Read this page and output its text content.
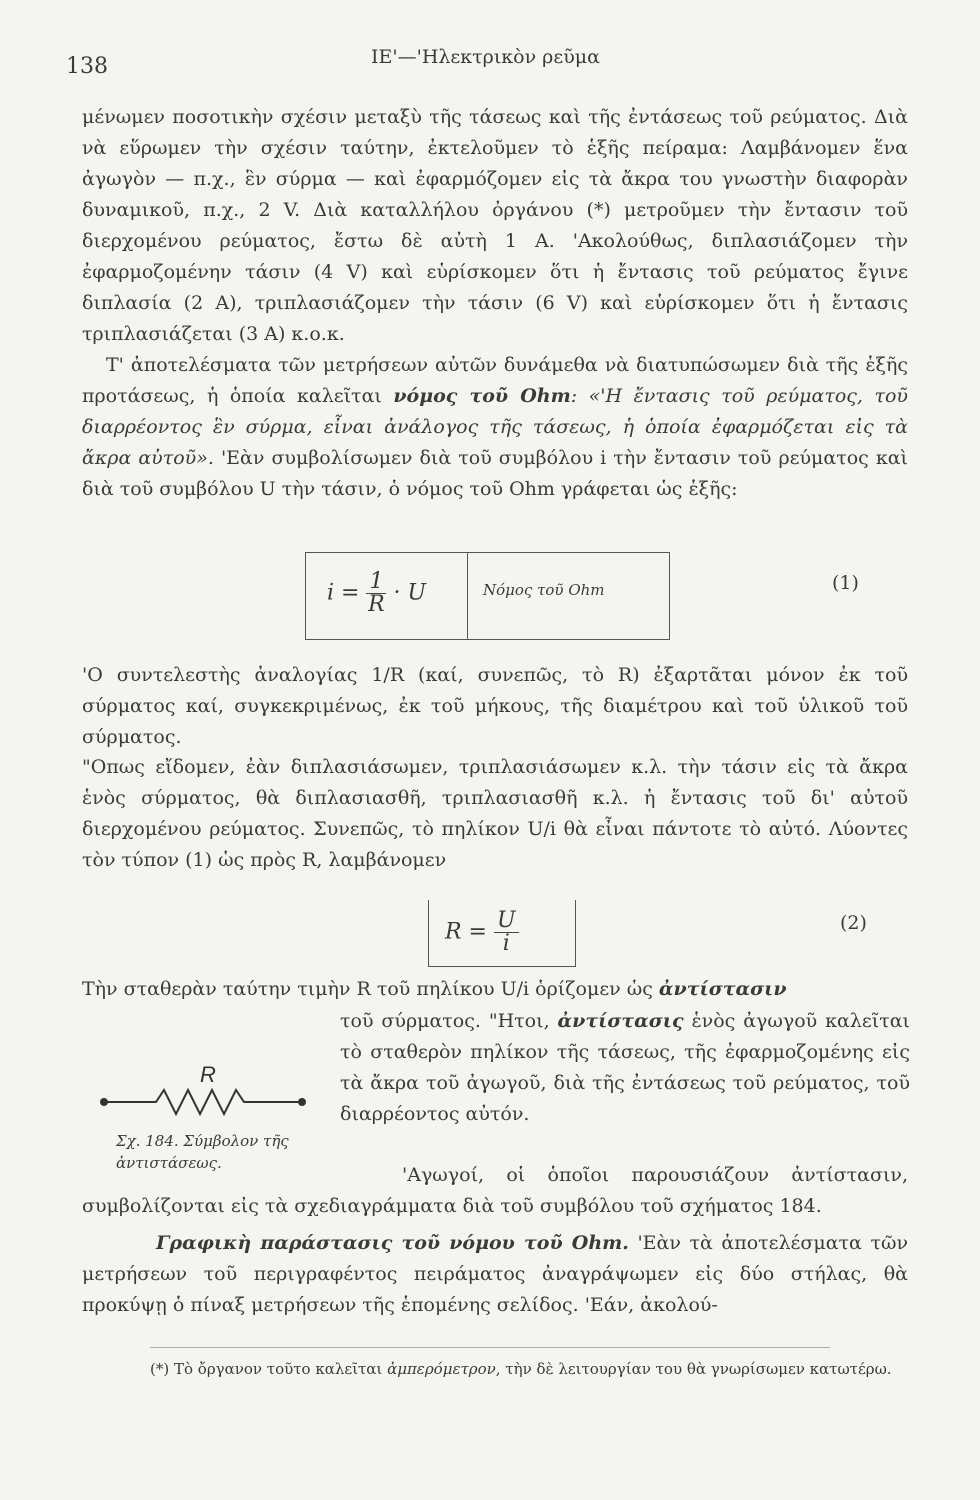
138	ΙΕ'—'Ηλεκτρικὸν ρεῦμα
μένωμεν ποσοτικὴν σχέσιν μεταξὺ τῆς τάσεως καὶ τῆς ἐντάσεως τοῦ ρεύματος. Διὰ νὰ εὕρωμεν τὴν σχέσιν ταύτην, ἐκτελοῦμεν τὸ ἑξῆς πείραμα: Λαμβάνομεν ἕνα ἀγωγὸν — π.χ., ἓν σύρμα — καὶ ἐφαρμόζομεν εἰς τὰ ἄκρα του γνωστὴν διαφορὰν δυναμικοῦ, π.χ., 2 V. Διὰ καταλλήλου ὀργάνου (*) μετροῦμεν τὴν ἔντασιν τοῦ διερχομένου ρεύματος, ἔστω δὲ αὐτὴ 1 A. 'Ακολούθως, διπλασιάζομεν τὴν ἐφαρμοζομένην τάσιν (4 V) καὶ εὑρίσκομεν ὅτι ἡ ἔντασις τοῦ ρεύματος ἔγινε διπλασία (2 A), τριπλασιάζομεν τὴν τάσιν (6 V) καὶ εὑρίσκομεν ὅτι ἡ ἔντασις τριπλασιάζεται (3 A) κ.ο.κ.
Τ' ἀποτελέσματα τῶν μετρήσεων αὐτῶν δυνάμεθα νὰ διατυπώσωμεν διὰ τῆς ἑξῆς προτάσεως, ἡ ὁποία καλεῖται νόμος τοῦ Ohm: «'Η ἔντασις τοῦ ρεύματος, τοῦ διαρρέοντος ἓν σύρμα, εἶναι ἀνάλογος τῆς τάσεως, ἡ ὁποία ἐφαρμόζεται εἰς τὰ ἄκρα αὐτοῦ». 'Εὰν συμβολίσωμεν διὰ τοῦ συμβόλου i τὴν ἔντασιν τοῦ ρεύματος καὶ διὰ τοῦ συμβόλου U τὴν τάσιν, ὁ νόμος τοῦ Ohm γράφεται ὡς ἑξῆς:
$i = \frac{1}{R} \cdot U$	Νόμος τοῦ Ohm	(1)
'Ο συντελεστὴς ἀναλογίας 1/R (καί, συνεπῶς, τὸ R) ἐξαρτᾶται μόνον ἐκ τοῦ σύρματος καί, συγκεκριμένως, ἐκ τοῦ μήκους, τῆς διαμέτρου καὶ τοῦ ὑλικοῦ τοῦ σύρματος.
"Οπως εἴδομεν, ἐὰν διπλασιάσωμεν, τριπλασιάσωμεν κ.λ. τὴν τάσιν εἰς τὰ ἄκρα ἑνὸς σύρματος, θὰ διπλασιασθῆ, τριπλασιασθῆ κ.λ. ἡ ἔντασις τοῦ δι' αὐτοῦ διερχομένου ρεύματος. Συνεπῶς, τὸ πηλίκον U/i θὰ εἶναι πάντοτε τὸ αὐτό. Λύοντες τὸν τύπον (1) ὡς πρὸς R, λαμβάνομεν
$R = \frac{U}{i}$	(2)
Τὴν σταθερὰν ταύτην τιμὴν R τοῦ πηλίκου U/i ὁρίζομεν ὡς ἀντίστασιν
τοῦ σύρματος. "Ητοι, ἀντίστασις ἑνὸς ἀγωγοῦ καλεῖται τὸ σταθερὸν πηλίκον τῆς τάσεως, τῆς ἐφαρμοζομένης εἰς τὰ ἄκρα τοῦ ἀγωγοῦ, διὰ τῆς ἐντάσεως τοῦ ρεύματος, τοῦ διαρρέοντος αὐτόν.
R
Σχ. 184. Σύμβολον τῆς ἀντιστάσεως.
'Αγωγοί, οἱ ὁποῖοι παρουσιάζουν ἀντίστασιν, συμβολίζονται εἰς τὰ σχεδιαγράμματα διὰ τοῦ συμβόλου τοῦ σχήματος 184.
Γραφικὴ παράστασις τοῦ νόμου τοῦ Ohm. 'Εὰν τὰ ἀποτελέσματα τῶν μετρήσεων τοῦ περιγραφέντος πειράματος ἀναγράψωμεν εἰς δύο στήλας, θὰ προκύψῃ ὁ πίναξ μετρήσεων τῆς ἑπομένης σελίδος. 'Εάν, ἀκολού-
(*) Τὸ ὄργανον τοῦτο καλεῖται ἀμπερόμετρον, τὴν δὲ λειτουργίαν του θὰ γνωρίσωμεν κατωτέρω.
